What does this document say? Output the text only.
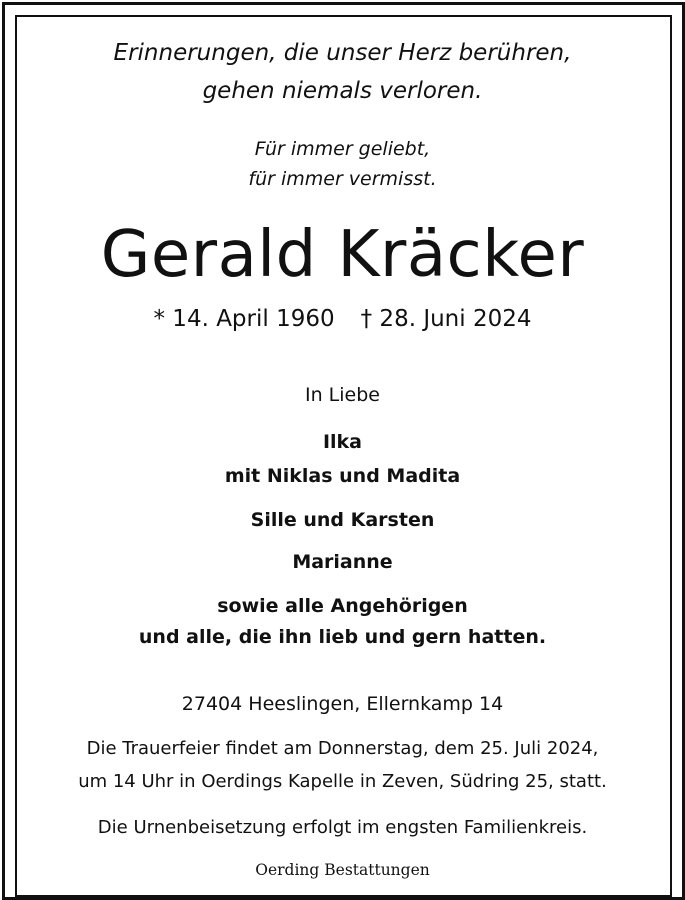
Erinnerungen, die unser Herz berühren,
gehen niemals verloren.
Für immer geliebt,
für immer vermisst.
Gerald Kräcker
* 14. April 1960 † 28. Juni 2024
In Liebe
Ilka
mit Niklas und Madita
Sille und Karsten
Marianne
sowie alle Angehörigen
und alle, die ihn lieb und gern hatten.
27404 Heeslingen, Ellernkamp 14
Die Trauerfeier findet am Donnerstag, dem 25. Juli 2024,
um 14 Uhr in Oerdings Kapelle in Zeven, Südring 25, statt.
Die Urnenbeisetzung erfolgt im engsten Familienkreis.
Oerding Bestattungen
